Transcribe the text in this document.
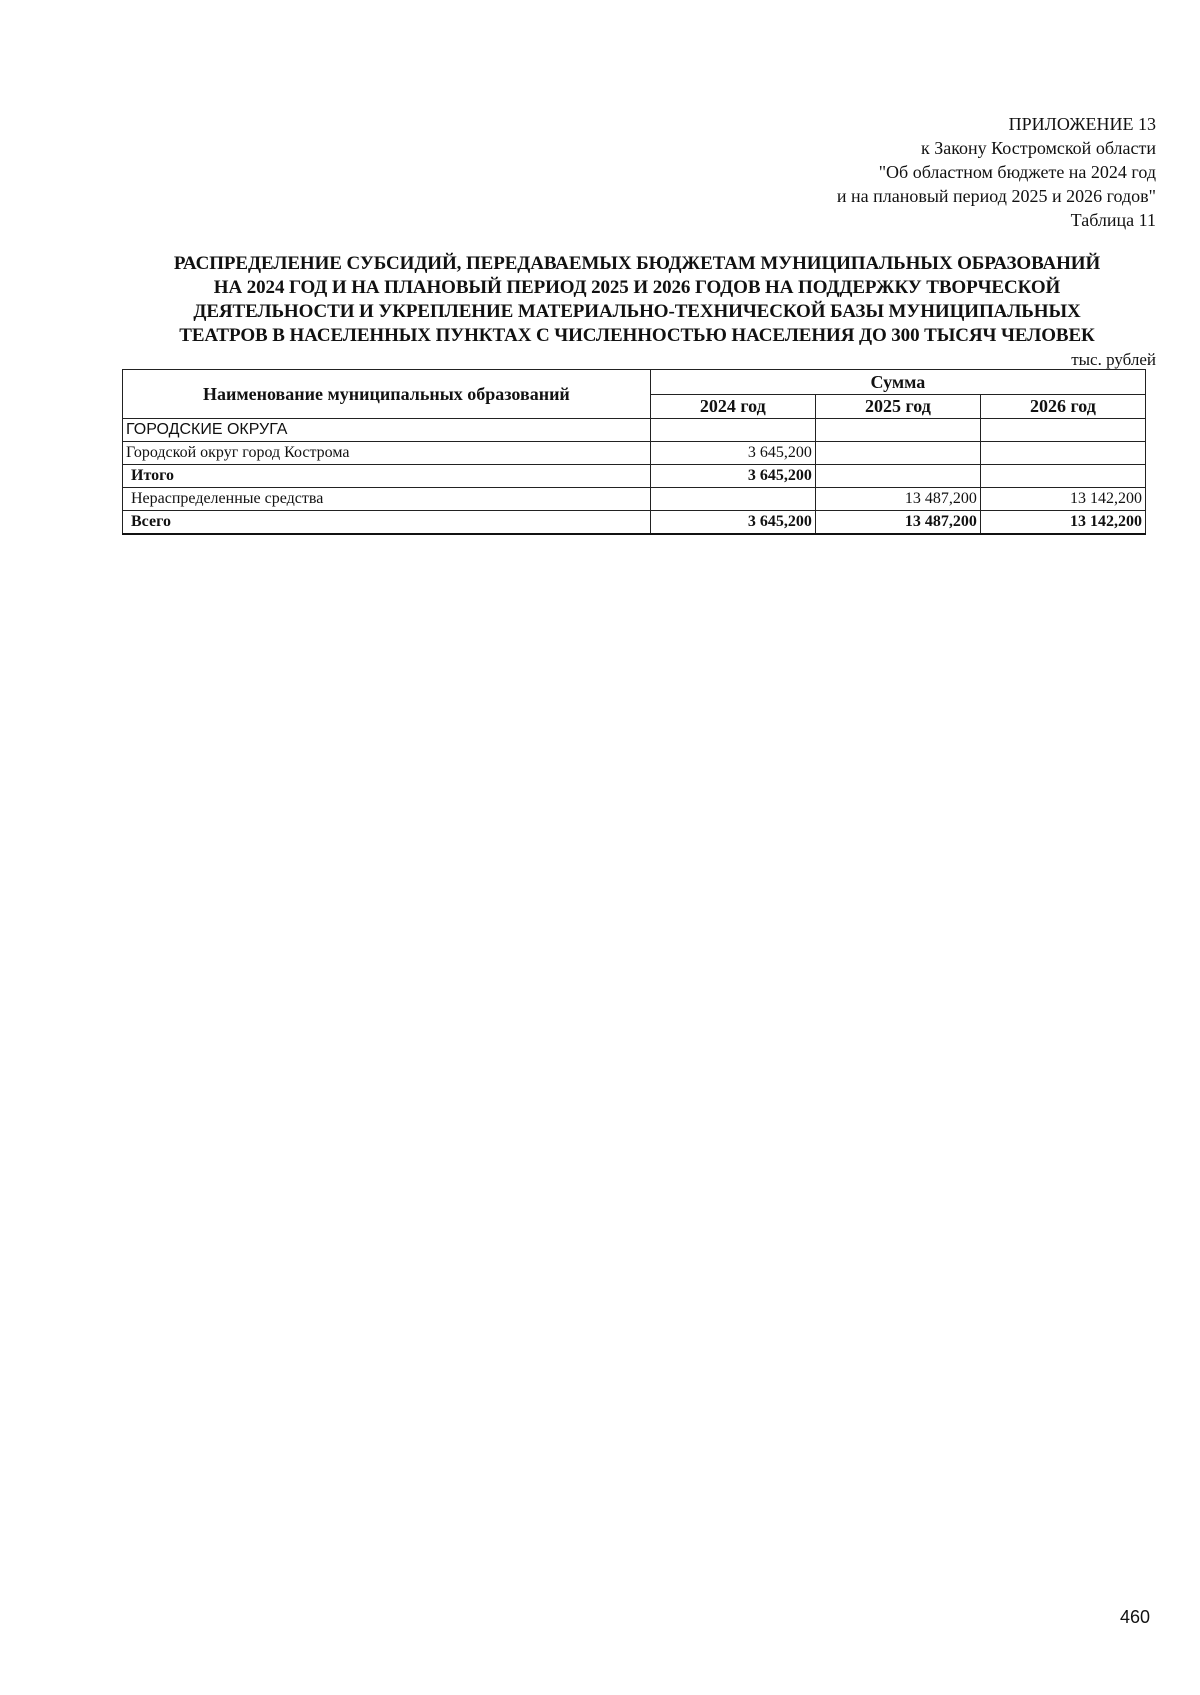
ПРИЛОЖЕНИЕ 13
к Закону Костромской области
"Об областном бюджете на 2024 год
и на плановый период 2025 и 2026 годов"
Таблица 11
РАСПРЕДЕЛЕНИЕ СУБСИДИЙ, ПЕРЕДАВАЕМЫХ БЮДЖЕТАМ МУНИЦИПАЛЬНЫХ ОБРАЗОВАНИЙ
НА 2024 ГОД И НА ПЛАНОВЫЙ ПЕРИОД 2025 И 2026 ГОДОВ НА ПОДДЕРЖКУ ТВОРЧЕСКОЙ
ДЕЯТЕЛЬНОСТИ И УКРЕПЛЕНИЕ МАТЕРИАЛЬНО-ТЕХНИЧЕСКОЙ БАЗЫ МУНИЦИПАЛЬНЫХ
ТЕАТРОВ В НАСЕЛЕННЫХ ПУНКТАХ С ЧИСЛЕННОСТЬЮ НАСЕЛЕНИЯ ДО 300 ТЫСЯЧ ЧЕЛОВЕК
тыс. рублей
Наименование муниципальных образований	Сумма		
	2024 год	2025 год	2026 год
ГОРОДСКИЕ ОКРУГА			
Городской округ город Кострома	3 645,200		
Итого	3 645,200		
Нераспределенные средства		13 487,200	13 142,200
Всего	3 645,200	13 487,200	13 142,200
460
